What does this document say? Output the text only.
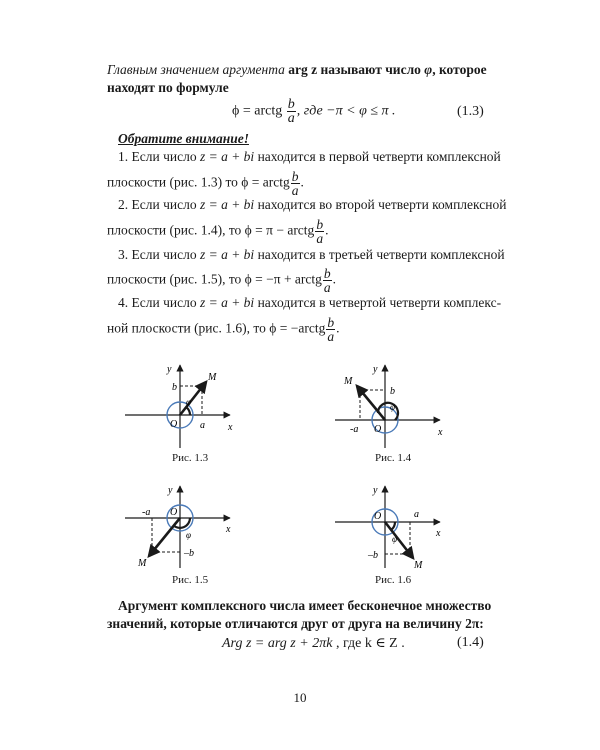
Главным значением аргумента arg z называют число φ, которое
находят по формуле
ϕ = arctg $\frac{b}{a}$ , где −π < φ ≤ π .	(1.3)
Обратите внимание!
1. Если число z = a + bi находится в первой четверти комплексной
плоскости (рис. 1.3) то ϕ = arctg $\frac{b}{a}$ .
2. Если число z = a + bi находится во второй четверти комплексной
плоскости (рис. 1.4), то ϕ = π − arctg $\frac{b}{a}$ .
3. Если число z = a + bi находится в третьей четверти комплексной
плоскости (рис. 1.5), то ϕ = −π + arctg $\frac{b}{a}$ .
4. Если число z = a + bi находится в четвертой четверти комплекс-
ной плоскости (рис. 1.6), то ϕ = −arctg $\frac{b}{a}$ .
y
x
O
M
a
b
φ
Рис. 1.3
y
x
O
M
-a
b
φ
Рис. 1.4
y
x
O
M
-a
–b
φ
Рис. 1.5
y
x
O
M
a
–b
φ
Рис. 1.6
Аргумент комплексного числа имеет бесконечное множество
значений, которые отличаются друг от друга на величину 2π:
Arg z = arg z + 2πk , где k ∈ Z .	(1.4)
10
